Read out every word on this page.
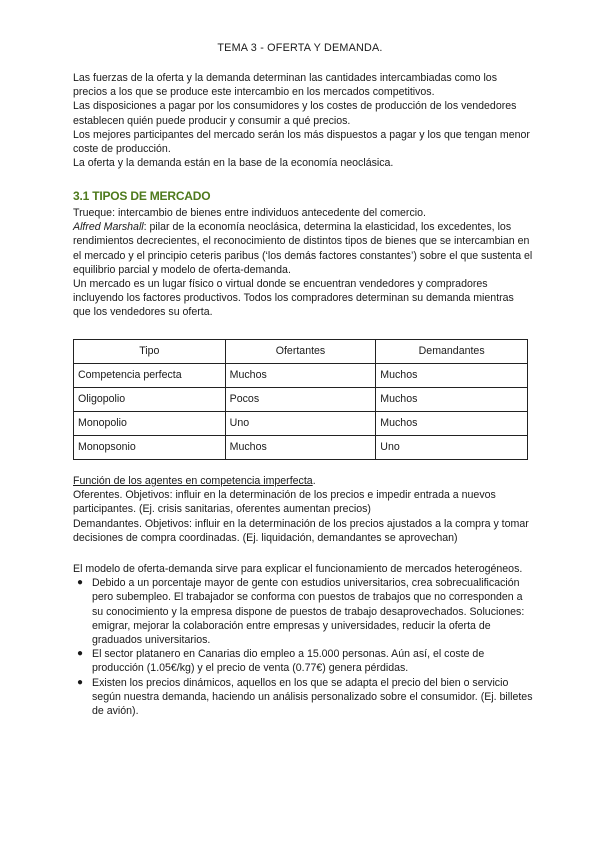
TEMA 3 - OFERTA Y DEMANDA.

Las fuerzas de la oferta y la demanda determinan las cantidades intercambiadas como los precios a los que se produce este intercambio en los mercados competitivos.

Las disposiciones a pagar por los consumidores y los costes de producción de los vendedores establecen quién puede producir y consumir a qué precios.

Los mejores participantes del mercado serán los más dispuestos a pagar y los que tengan menor coste de producción.

La oferta y la demanda están en la base de la economía neoclásica.

3.1 TIPOS DE MERCADO

Trueque: intercambio de bienes entre individuos antecedente del comercio.

Alfred Marshall: pilar de la economía neoclásica, determina la elasticidad, los excedentes, los rendimientos decrecientes, el reconocimiento de distintos tipos de bienes que se intercambian en el mercado y el principio ceteris paribus (‘los demás factores constantes’) sobre el que sustenta el equilibrio parcial y modelo de oferta-demanda.

Un mercado es un lugar físico o virtual donde se encuentran vendedores y compradores incluyendo los factores productivos. Todos los compradores determinan su demanda mientras que los vendedores su oferta.

Tipo	Ofertantes	Demandantes
Competencia perfecta	Muchos	Muchos
Oligopolio	Pocos	Muchos
Monopolio	Uno	Muchos
Monopsonio	Muchos	Uno

Función de los agentes en competencia imperfecta.

Oferentes. Objetivos: influir en la determinación de los precios e impedir entrada a nuevos participantes. (Ej. crisis sanitarias, oferentes aumentan precios)

Demandantes. Objetivos: influir en la determinación de los precios ajustados a la compra y tomar decisiones de compra coordinadas. (Ej. liquidación, demandantes se aprovechan)

El modelo de oferta-demanda sirve para explicar el funcionamiento de mercados heterogéneos.

● Debido a un porcentaje mayor de gente con estudios universitarios, crea sobrecualificación pero subempleo. El trabajador se conforma con puestos de trabajos que no corresponden a su conocimiento y la empresa dispone de puestos de trabajo desaprovechados. Soluciones: emigrar, mejorar la colaboración entre empresas y universidades, reducir la oferta de graduados universitarios.
● El sector platanero en Canarias dio empleo a 15.000 personas. Aún así, el coste de producción (1.05€/kg) y el precio de venta (0.77€) genera pérdidas.
● Existen los precios dinámicos, aquellos en los que se adapta el precio del bien o servicio según nuestra demanda, haciendo un análisis personalizado sobre el consumidor. (Ej. billetes de avión).
